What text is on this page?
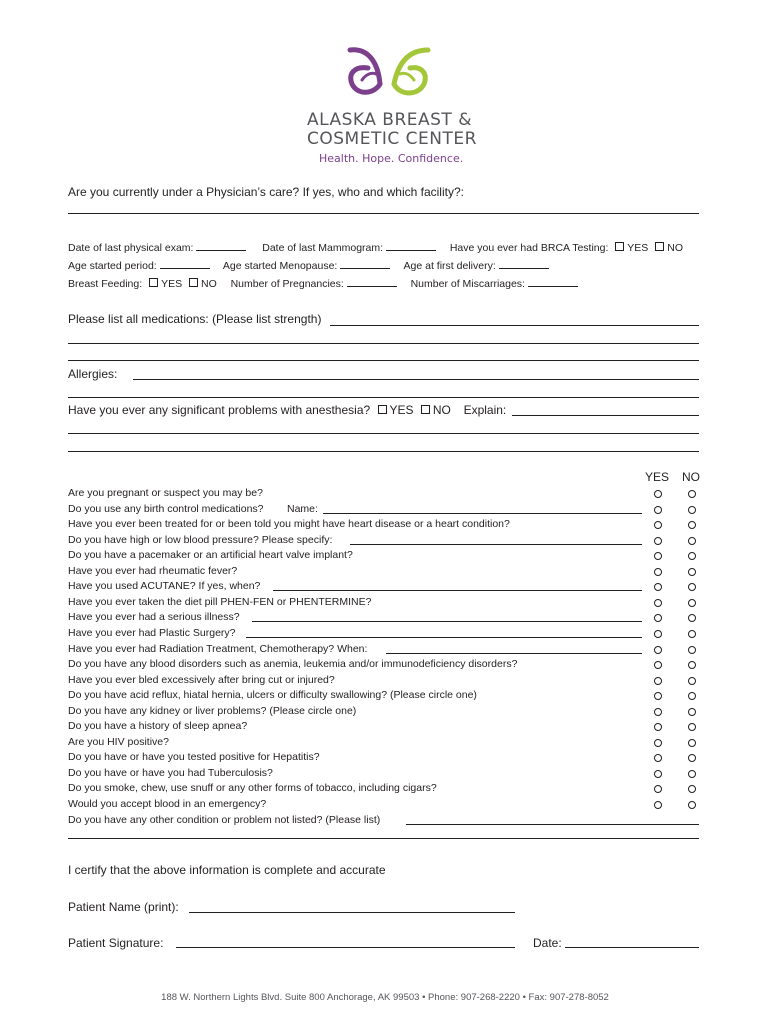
ALASKA BREAST &
COSMETIC CENTER
Health. Hope. Confidence.
Are you currently under a Physician’s care? If yes, who and which facility?:
Date of last physical exam:	Date of last Mammogram:	Have you ever had BRCA Testing: YES NO
Age started period:	Age started Menopause:	Age at first delivery:
Breast Feeding: YES NO Number of Pregnancies:	Number of Miscarriages:
Please list all medications: (Please list strength)
Allergies:
Have you ever any significant problems with anesthesia? YES NO Explain:
YES NO
Are you pregnant or suspect you may be?
Do you use any birth control medications? Name:
Have you ever been treated for or been told you might have heart disease or a heart condition?
Do you have high or low blood pressure? Please specify:
Do you have a pacemaker or an artificial heart valve implant?
Have you ever had rheumatic fever?
Have you used ACUTANE? If yes, when?
Have you ever taken the diet pill PHEN-FEN or PHENTERMINE?
Have you ever had a serious illness?
Have you ever had Plastic Surgery?
Have you ever had Radiation Treatment, Chemotherapy? When:
Do you have any blood disorders such as anemia, leukemia and/or immunodeficiency disorders?
Have you ever bled excessively after bring cut or injured?
Do you have acid reflux, hiatal hernia, ulcers or difficulty swallowing? (Please circle one)
Do you have any kidney or liver problems? (Please circle one)
Do you have a history of sleep apnea?
Are you HIV positive?
Do you have or have you tested positive for Hepatitis?
Do you have or have you had Tuberculosis?
Do you smoke, chew, use snuff or any other forms of tobacco, including cigars?
Would you accept blood in an emergency?
Do you have any other condition or problem not listed? (Please list)
I certify that the above information is complete and accurate
Patient Name (print):
Patient Signature:	Date:
188 W. Northern Lights Blvd. Suite 800 Anchorage, AK 99503 • Phone: 907-268-2220 • Fax: 907-278-8052
